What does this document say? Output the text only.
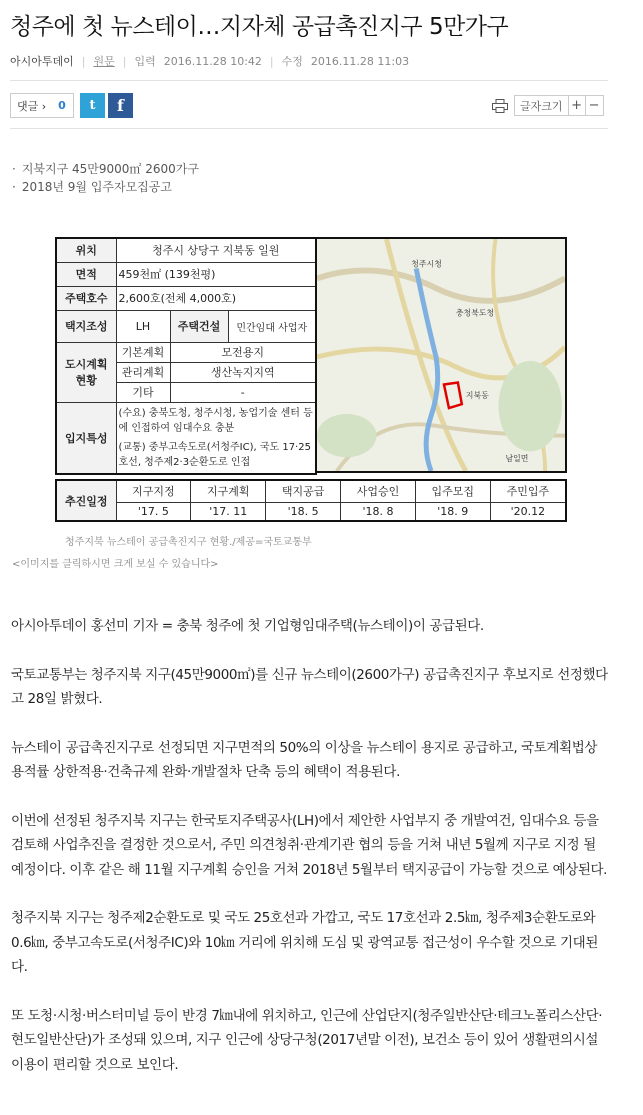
청주에 첫 뉴스테이…지자체 공급촉진지구 5만가구
아시아투데이 | 원문 | 입력 2016.11.28 10:42 | 수정 2016.11.28 11:03
댓글 › 0 t f	글자크기 + −
· 지북지구 45만9000㎡ 2600가구
· 2018년 9월 입주자모집공고
위치	청주시 상당구 지북동 일원		
면적	459천㎡ (139천평)		
주택호수	2,600호(전체 4,000호)		
택지조성	LH	주택건설	민간임대 사업자
도시계획 현황	기본계획	모전용지	
	관리계획	생산녹지지역	
	기타	-	
입지특성	(수요) 충북도청, 청주시청, 농업기술 센터 등에 인접하여 임대수요 충분
(교통) 중부고속도로(서청주IC), 국도 17·25호선, 청주제2·3순환도로 인접		
청주시청
충청북도청
지북동
남일면
추진일정	지구지정	지구계획	택지공급	사업승인	입주모집	주민입주
	'17. 5	'17. 11	'18. 5	'18. 8	'18. 9	'20.12
청주지북 뉴스테이 공급촉진지구 현황./제공=국토교통부
<이미지를 클릭하시면 크게 보실 수 있습니다>

아시아투데이 홍선미 기자 = 충북 청주에 첫 기업형임대주택(뉴스테이)이 공급된다.

국토교통부는 청주지북 지구(45만9000㎡)를 신규 뉴스테이(2600가구) 공급촉진지구 후보지로 선정했다고 28일 밝혔다.

뉴스테이 공급촉진지구로 선정되면 지구면적의 50%의 이상을 뉴스테이 용지로 공급하고, 국토계획법상 용적률 상한적용·건축규제 완화·개발절차 단축 등의 혜택이 적용된다.

이번에 선정된 청주지북 지구는 한국토지주택공사(LH)에서 제안한 사업부지 중 개발여건, 임대수요 등을 검토해 사업추진을 결정한 것으로서, 주민 의견청취·관계기관 협의 등을 거쳐 내년 5월께 지구로 지정 될 예정이다. 이후 같은 해 11월 지구계획 승인을 거쳐 2018년 5월부터 택지공급이 가능할 것으로 예상된다.

청주지북 지구는 청주제2순환도로 및 국도 25호선과 가깝고, 국도 17호선과 2.5㎞, 청주제3순환도로와 0.6㎞, 중부고속도로(서청주IC)와 10㎞ 거리에 위치해 도심 및 광역교통 접근성이 우수할 것으로 기대된다.

또 도청·시청·버스터미널 등이 반경 7㎞내에 위치하고, 인근에 산업단지(청주일반산단·테크노폴리스산단·현도일반산단)가 조성돼 있으며, 지구 인근에 상당구청(2017년말 이전), 보건소 등이 있어 생활편의시설 이용이 편리할 것으로 보인다.
